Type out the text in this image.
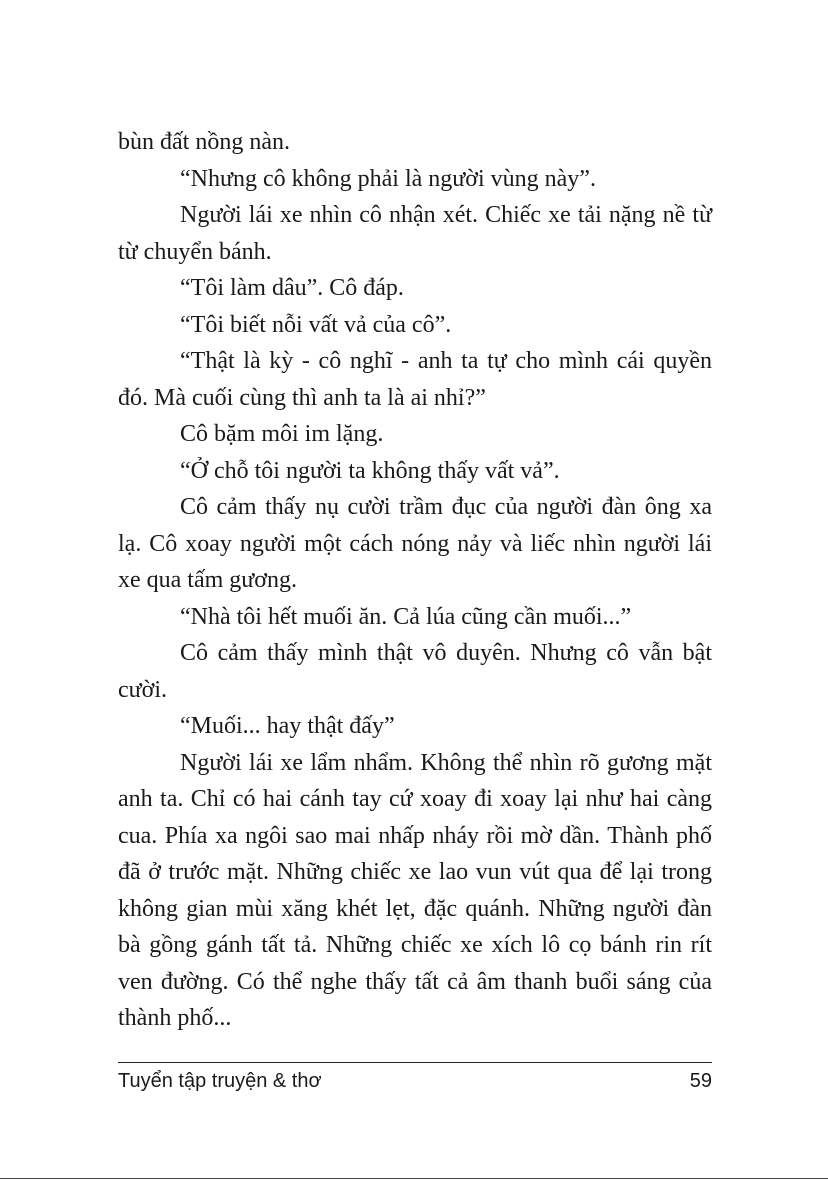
bùn đất nồng nàn.

“Nhưng cô không phải là người vùng này”.

Người lái xe nhìn cô nhận xét. Chiếc xe tải nặng nề từ từ chuyển bánh.

“Tôi làm dâu”. Cô đáp.

“Tôi biết nỗi vất vả của cô”.

“Thật là kỳ - cô nghĩ - anh ta tự cho mình cái quyền đó. Mà cuối cùng thì anh ta là ai nhỉ?”

Cô bặm môi im lặng.

“Ở chỗ tôi người ta không thấy vất vả”.

Cô cảm thấy nụ cười trầm đục của người đàn ông xa lạ. Cô xoay người một cách nóng nảy và liếc nhìn người lái xe qua tấm gương.

“Nhà tôi hết muối ăn. Cả lúa cũng cần muối...”

Cô cảm thấy mình thật vô duyên. Nhưng cô vẫn bật cười.

“Muối... hay thật đấy”

Người lái xe lẩm nhẩm. Không thể nhìn rõ gương mặt anh ta. Chỉ có hai cánh tay cứ xoay đi xoay lại như hai càng cua. Phía xa ngôi sao mai nhấp nháy rồi mờ dần. Thành phố đã ở trước mặt. Những chiếc xe lao vun vút qua để lại trong không gian mùi xăng khét lẹt, đặc quánh. Những người đàn bà gồng gánh tất tả. Những chiếc xe xích lô cọ bánh rin rít ven đường. Có thể nghe thấy tất cả âm thanh buổi sáng của thành phố...

Tuyển tập truyện & thơ	59
